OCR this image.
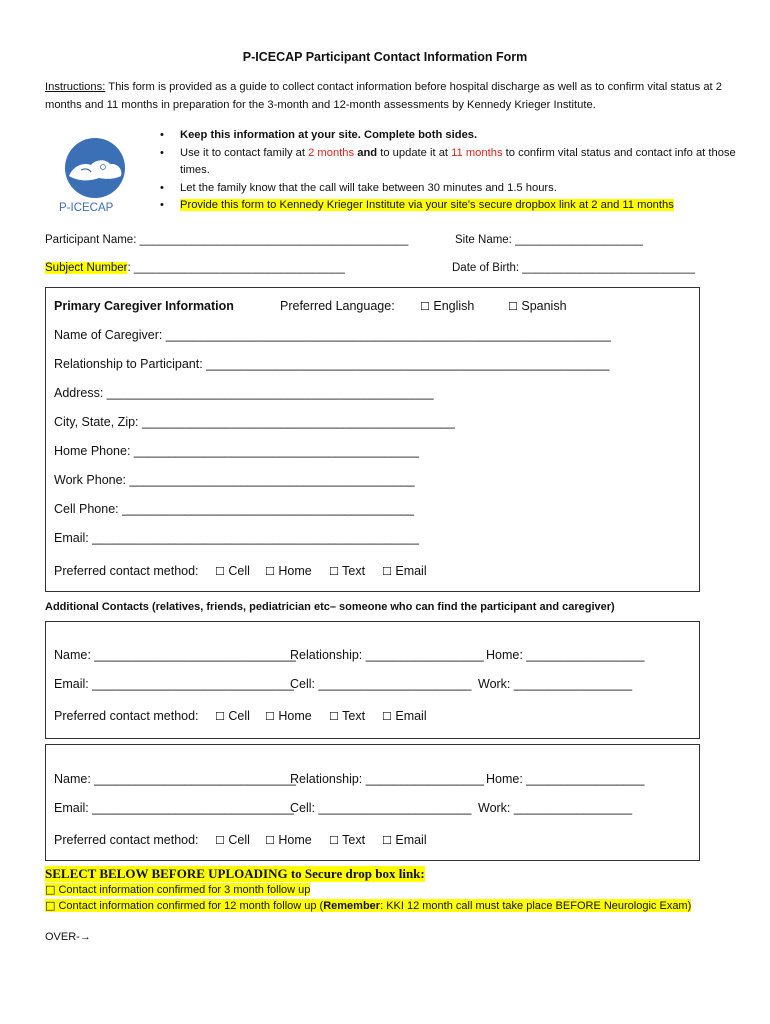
P-ICECAP Participant Contact Information Form
Instructions: This form is provided as a guide to collect contact information before hospital discharge as well as to confirm vital status at 2 months and 11 months in preparation for the 3-month and 12-month assessments by Kennedy Krieger Institute.
P-ICECAP
• Keep this information at your site. Complete both sides.
• Use it to contact family at 2 months and to update it at 11 months to confirm vital status and contact info at those times.
• Let the family know that the call will take between 30 minutes and 1.5 hours.
• Provide this form to Kennedy Krieger Institute via your site's secure dropbox link at 2 and 11 months
Participant Name: __________________________________________	Site Name: ____________________
Subject Number: _________________________________	Date of Birth: ___________________________
Primary Caregiver Information	Preferred Language: ☐ English	☐ Spanish
Name of Caregiver: ________________________________________________________________
Relationship to Participant: __________________________________________________________
Address: _______________________________________________
City, State, Zip: _____________________________________________
Home Phone: _________________________________________
Work Phone: _________________________________________
Cell Phone: __________________________________________
Email: _______________________________________________
Preferred contact method: ☐ Cell ☐ Home ☐ Text ☐ Email
Additional Contacts (relatives, friends, pediatrician etc– someone who can find the participant and caregiver)
Name: _____________________________
Relationship: _________________ Home: _________________
Email: _____________________________
Cell: ______________________ Work: _________________
Preferred contact method: ☐ Cell ☐ Home ☐ Text ☐ Email
Name: _____________________________
Relationship: _________________ Home: _________________
Email: _____________________________
Cell: ______________________ Work: _________________
Preferred contact method: ☐ Cell ☐ Home ☐ Text ☐ Email
SELECT BELOW BEFORE UPLOADING to Secure drop box link:
□ Contact information confirmed for 3 month follow up
□ Contact information confirmed for 12 month follow up (Remember: KKI 12 month call must take place BEFORE Neurologic Exam)
OVER-→
